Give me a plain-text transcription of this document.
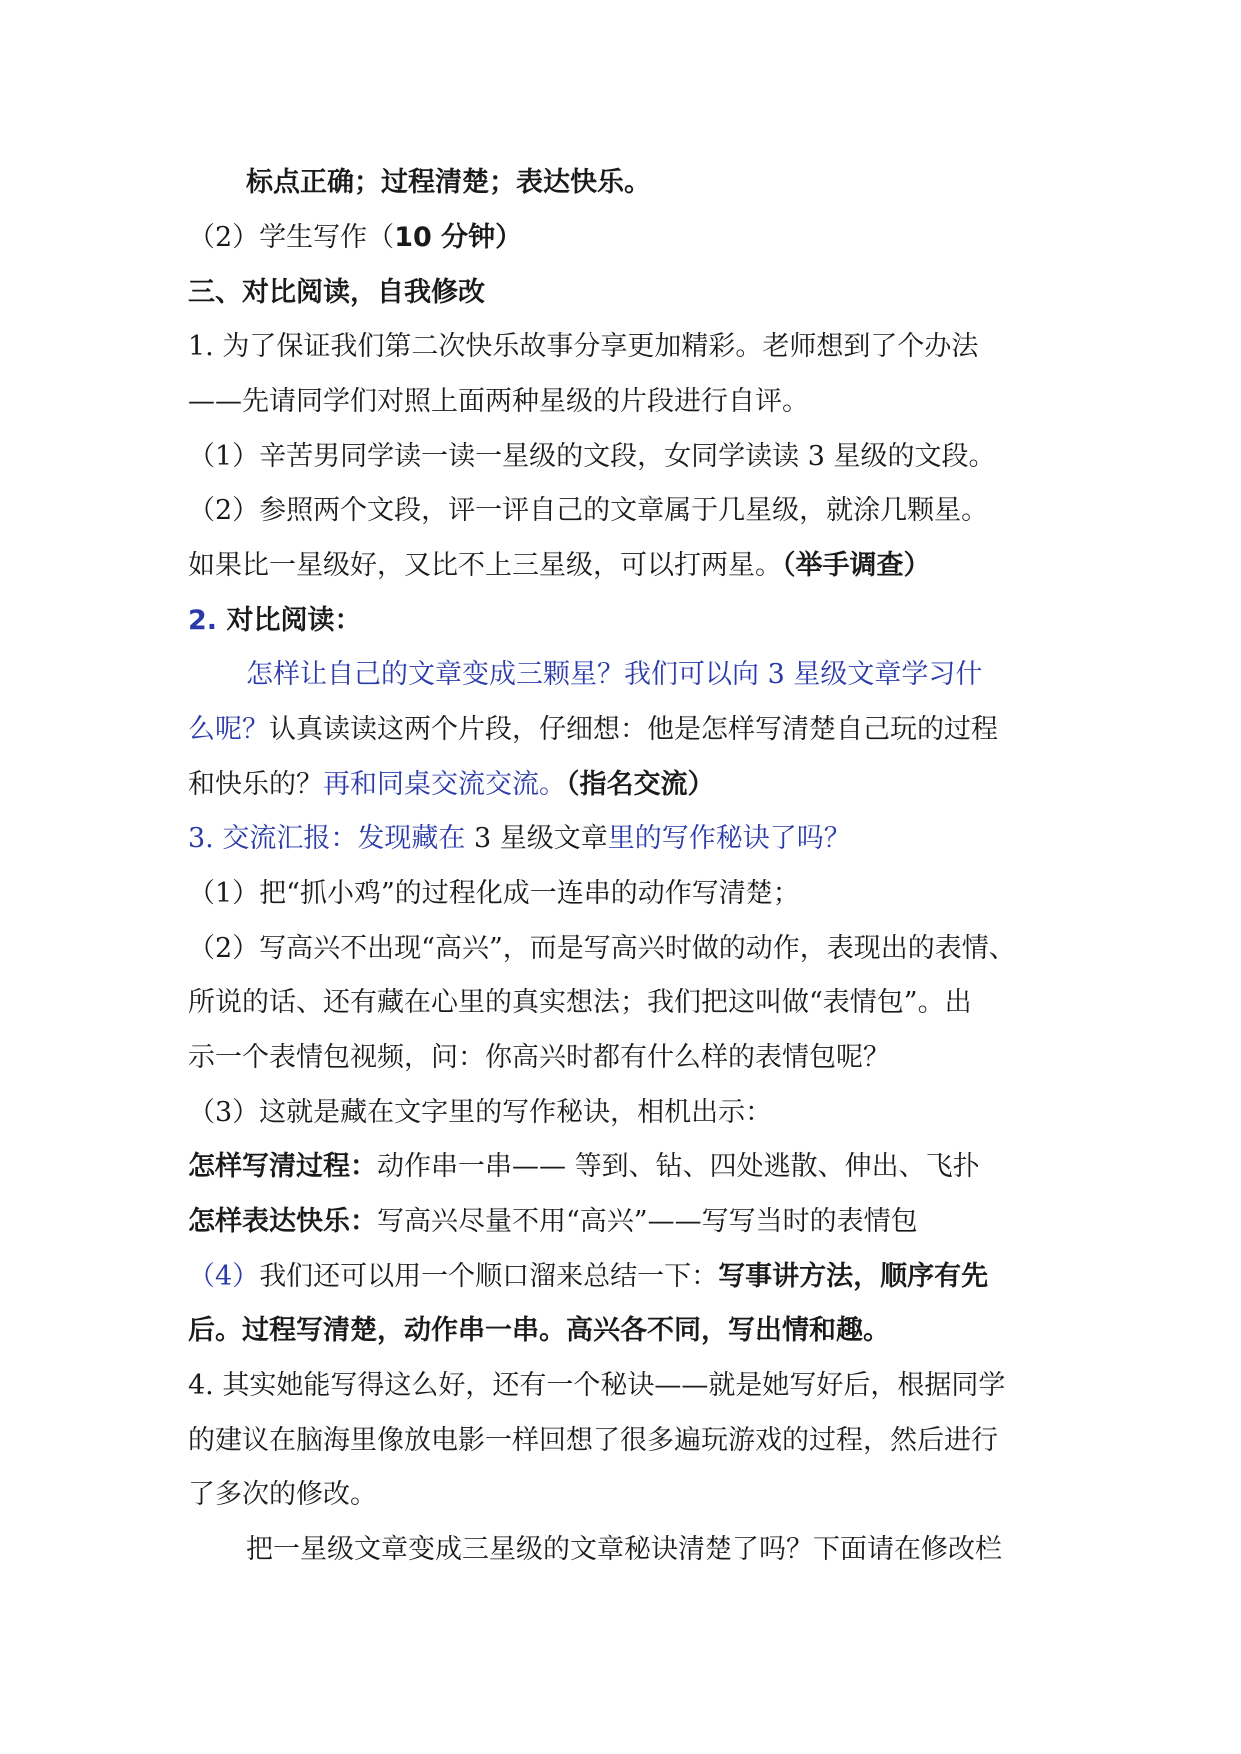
标点正确；过程清楚；表达快乐。
（2）学生写作（10 分钟）
三、对比阅读，自我修改
1. 为了保证我们第二次快乐故事分享更加精彩。老师想到了个办法
——先请同学们对照上面两种星级的片段进行自评。
（1）辛苦男同学读一读一星级的文段，女同学读读 3 星级的文段。
（2）参照两个文段，评一评自己的文章属于几星级，就涂几颗星。
如果比一星级好，又比不上三星级，可以打两星。（举手调查）
2. 对比阅读：
怎样让自己的文章变成三颗星？我们可以向 3 星级文章学习什
么呢？认真读读这两个片段，仔细想：他是怎样写清楚自己玩的过程
和快乐的？再和同桌交流交流。（指名交流）
3. 交流汇报：发现藏在 3 星级文章里的写作秘诀了吗？
（1）把“抓小鸡”的过程化成一连串的动作写清楚；
（2）写高兴不出现“高兴”，而是写高兴时做的动作，表现出的表情、
所说的话、还有藏在心里的真实想法；我们把这叫做“表情包”。出
示一个表情包视频，问：你高兴时都有什么样的表情包呢？
（3）这就是藏在文字里的写作秘诀，相机出示：
怎样写清过程：动作串一串—— 等到、钻、四处逃散、伸出、飞扑
怎样表达快乐：写高兴尽量不用“高兴”——写写当时的表情包
（4）我们还可以用一个顺口溜来总结一下：写事讲方法，顺序有先
后。过程写清楚，动作串一串。高兴各不同，写出情和趣。
4. 其实她能写得这么好，还有一个秘诀——就是她写好后，根据同学
的建议在脑海里像放电影一样回想了很多遍玩游戏的过程，然后进行
了多次的修改。
把一星级文章变成三星级的文章秘诀清楚了吗？下面请在修改栏
